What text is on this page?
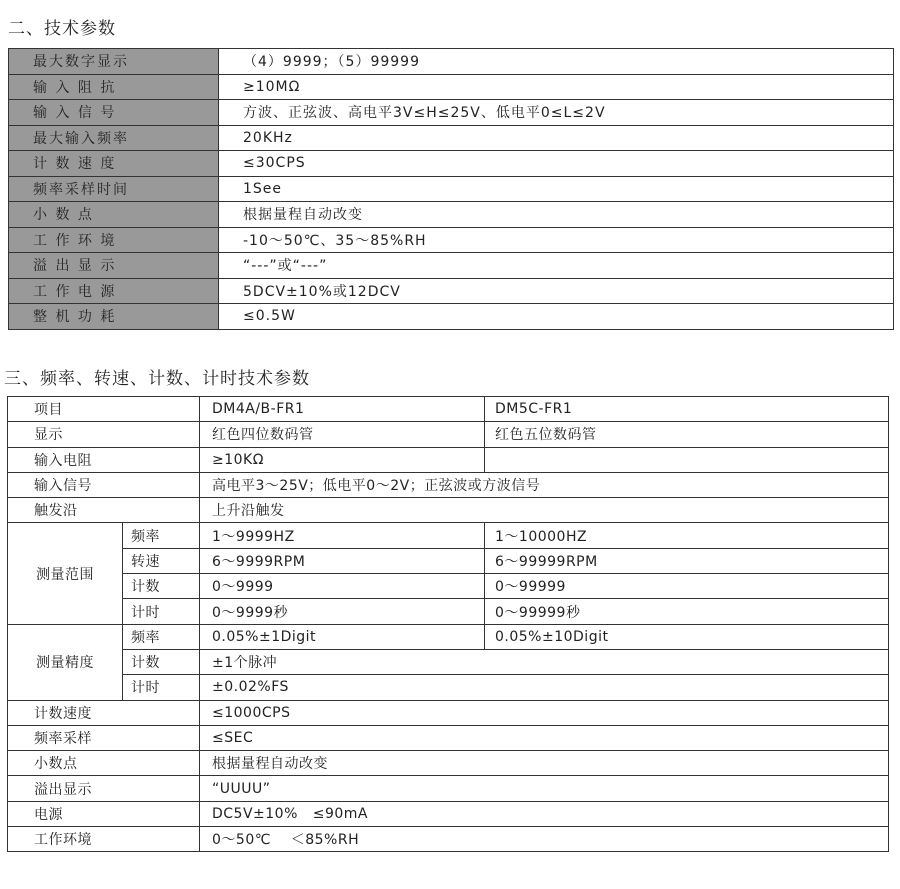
二、技术参数
最大数字显示	（4）9999；（5）99999
输 入 阻 抗	≥10MΩ
输 入 信 号	方波、正弦波、高电平3V≤H≤25V、低电平0≤L≤2V
最大输入频率	20KHz
计 数 速 度	≤30CPS
频率采样时间	1See
小 数 点	根据量程自动改变
工 作 环 境	-10～50℃、35～85%RH
溢 出 显 示	“---”或“---”
工 作 电 源	5DCV±10%或12DCV
整 机 功 耗	≤0.5W
三、频率、转速、计数、计时技术参数
项目		DM4A/B-FR1	DM5C-FR1
显示		红色四位数码管	红色五位数码管
输入电阻		≥10KΩ	
输入信号		高电平3～25V；低电平0～2V；正弦波或方波信号	
触发沿		上升沿触发	
测量范围	频率	1～9999HZ	1～10000HZ
	转速	6～9999RPM	6～99999RPM
	计数	0～9999	0～99999
	计时	0～9999秒	0～99999秒
测量精度	频率	0.05%±1Digit	0.05%±10Digit
	计数	±1个脉冲	
	计时	±0.02%FS	
计数速度		≤1000CPS	
频率采样		≤SEC	
小数点		根据量程自动改变	
溢出显示		“UUUU”	
电源		DC5V±10%   ≤90mA	
工作环境		0～50℃    ＜85%RH	
